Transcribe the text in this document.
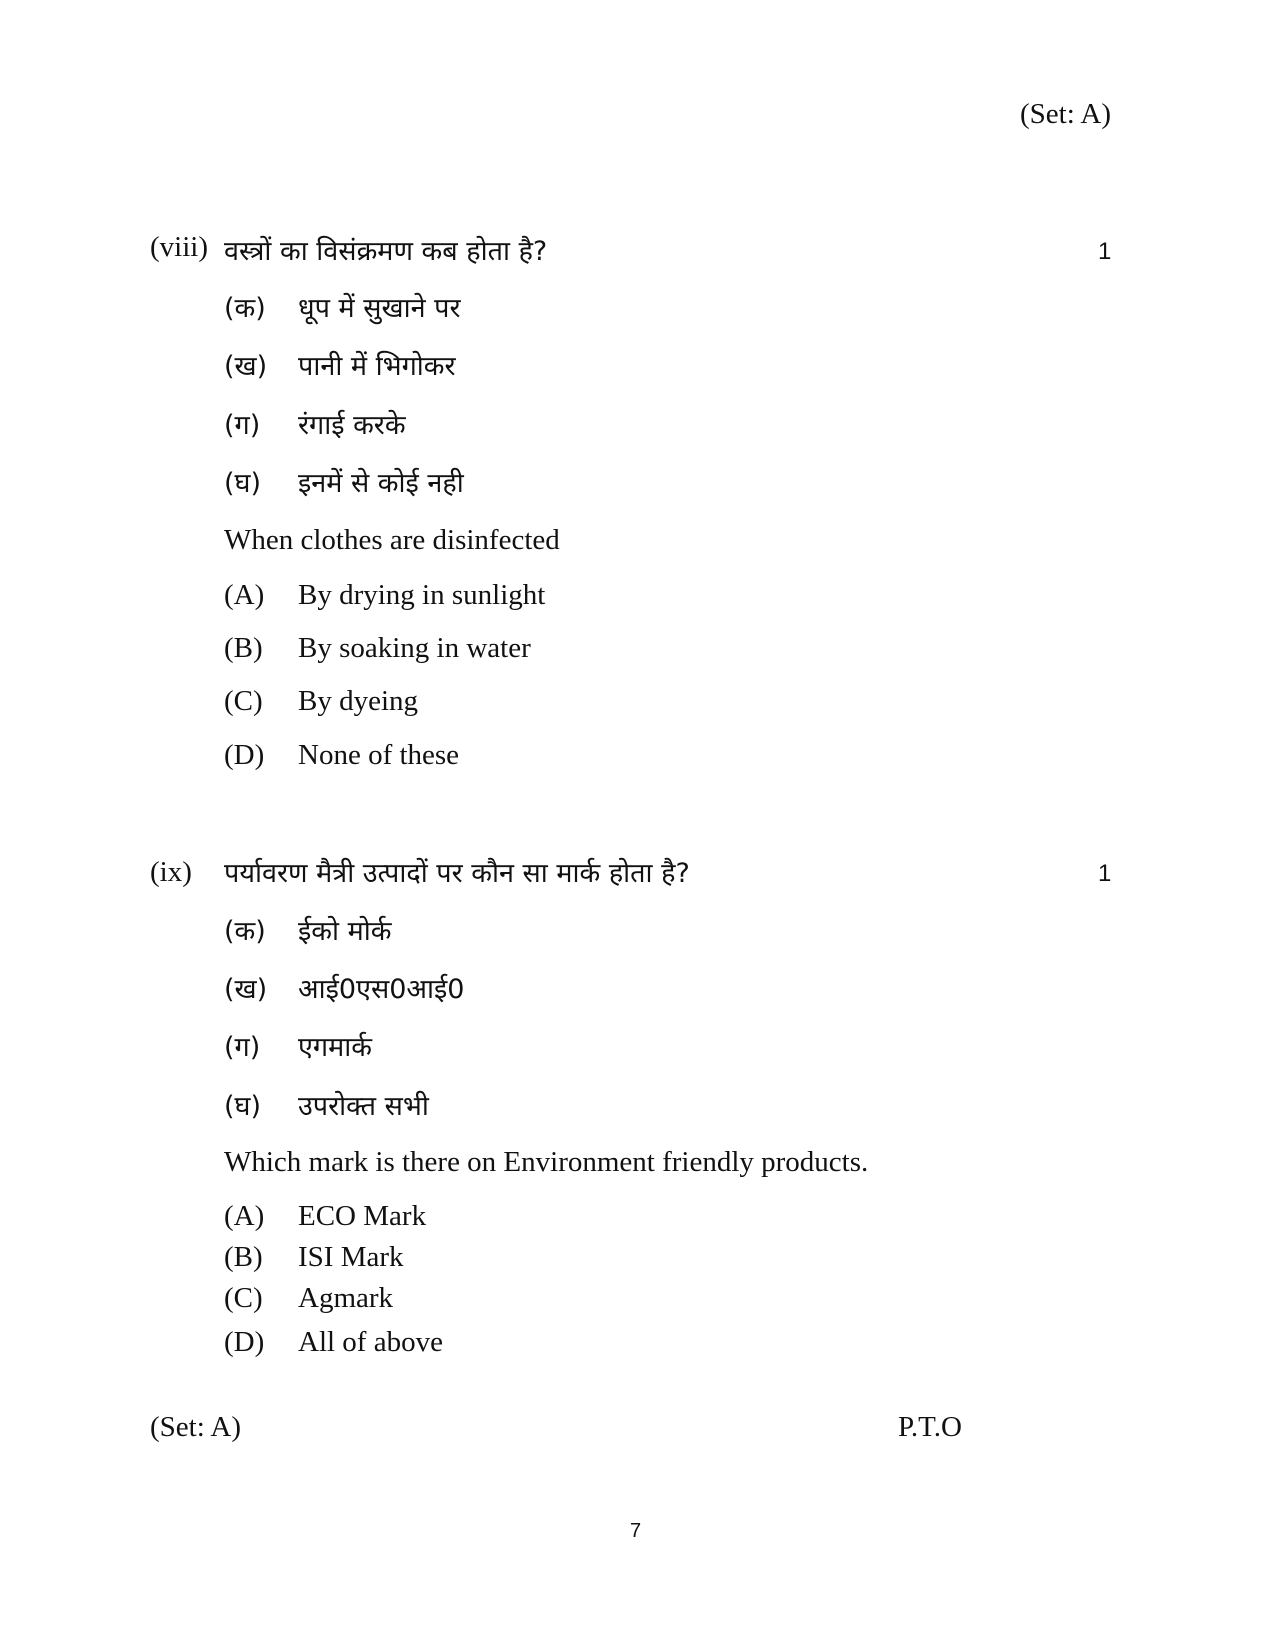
(Set: A)
(viii) वस्त्रों का विसंक्रमण कब होता है?	1
(क) धूप में सुखाने पर
(ख) पानी में भिगोकर
(ग) रंगाई करके
(घ) इनमें से कोई नही
When clothes are disinfected
(A) By drying in sunlight
(B) By soaking in water
(C) By dyeing
(D) None of these
(ix) पर्यावरण मैत्री उत्पादों पर कौन सा मार्क होता है?	1
(क) ईको मोर्क
(ख) आई0एस0आई0
(ग) एगमार्क
(घ) उपरोक्त सभी
Which mark is there on Environment friendly products.
(A) ECO Mark
(B) ISI Mark
(C) Agmark
(D) All of above
(Set: A)	P.T.O
7
